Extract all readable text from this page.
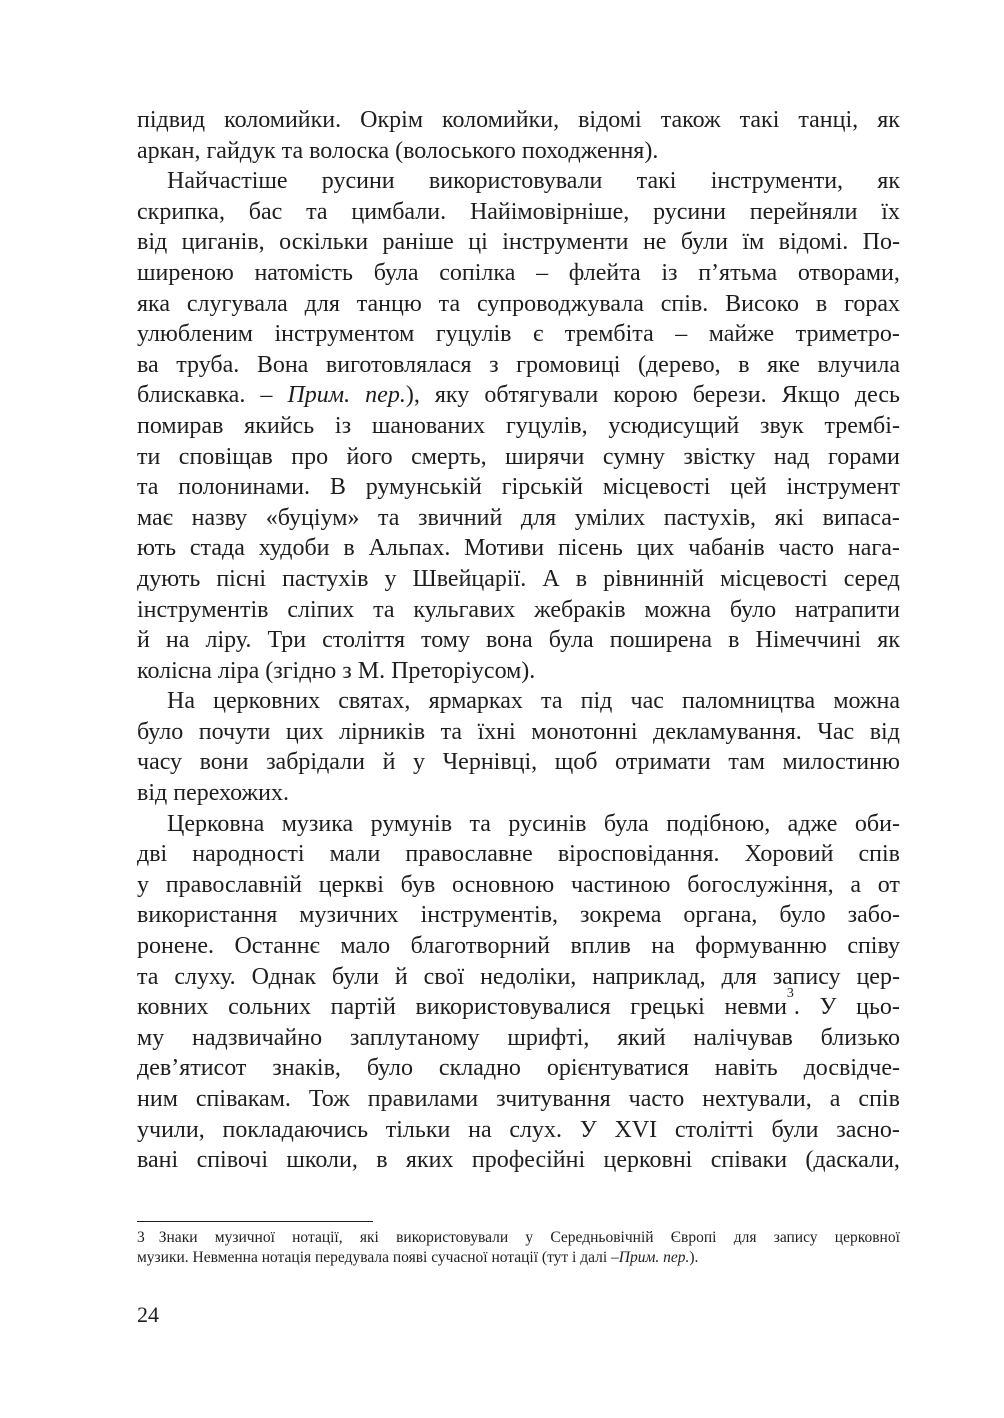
підвид коломийки. Окрім коломийки, відомі також такі танці, як
аркан, гайдук та волоска (волоського походження).
Найчастіше русини використовували такі інструменти, як
скрипка, бас та цимбали. Найімовірніше, русини перейняли їх
від циганів, оскільки раніше ці інструменти не були їм відомі. По-
ширеною натомість була сопілка – флейта із п’ятьма отворами,
яка слугувала для танцю та супроводжувала спів. Високо в горах
улюбленим інструментом гуцулів є трембіта – майже триметро-
ва труба. Вона виготовлялася з громовиці (дерево, в яке влучила
блискавка. – Прим. пер.), яку обтягували корою берези. Якщо десь
помирав якийсь із шанованих гуцулів, усюдисущий звук трембі-
ти сповіщав про його смерть, ширячи сумну звістку над горами
та полонинами. В румунській гірській місцевості цей інструмент
має назву «буціум» та звичний для умілих пастухів, які випаса-
ють стада худоби в Альпах. Мотиви пісень цих чабанів часто нага-
дують пісні пастухів у Швейцарії. А в рівнинній місцевості серед
інструментів сліпих та кульгавих жебраків можна було натрапити
й на ліру. Три століття тому вона була поширена в Німеччині як
колісна ліра (згідно з М. Преторіусом).
На церковних святах, ярмарках та під час паломництва можна
було почути цих лірників та їхні монотонні декламування. Час від
часу вони забрідали й у Чернівці, щоб отримати там милостиню
від перехожих.
Церковна музика румунів та русинів була подібною, адже оби-
дві народності мали православне віросповідання. Хоровий спів
у православній церкві був основною частиною богослужіння, а от
використання музичних інструментів, зокрема органа, було забо-
ронене. Останнє мало благотворний вплив на формуванню співу
та слуху. Однак були й свої недоліки, наприклад, для запису цер-
ковних сольних партій використовувалися грецькі невми$^3$. У цьо-
му надзвичайно заплутаному шрифті, який налічував близько
дев’ятисот знаків, було складно орієнтуватися навіть досвідче-
ним співакам. Тож правилами зчитування часто нехтували, а спів
учили, покладаючись тільки на слух. У XVI столітті були засно-
вані співочі школи, в яких професійні церковні співаки (даскали,
3 Знаки музичної нотації, які використовували у Середньовічній Європі для запису церковної
музики. Невменна нотація передувала появі сучасної нотації (тут і далі – Прим. пер. ).
24
